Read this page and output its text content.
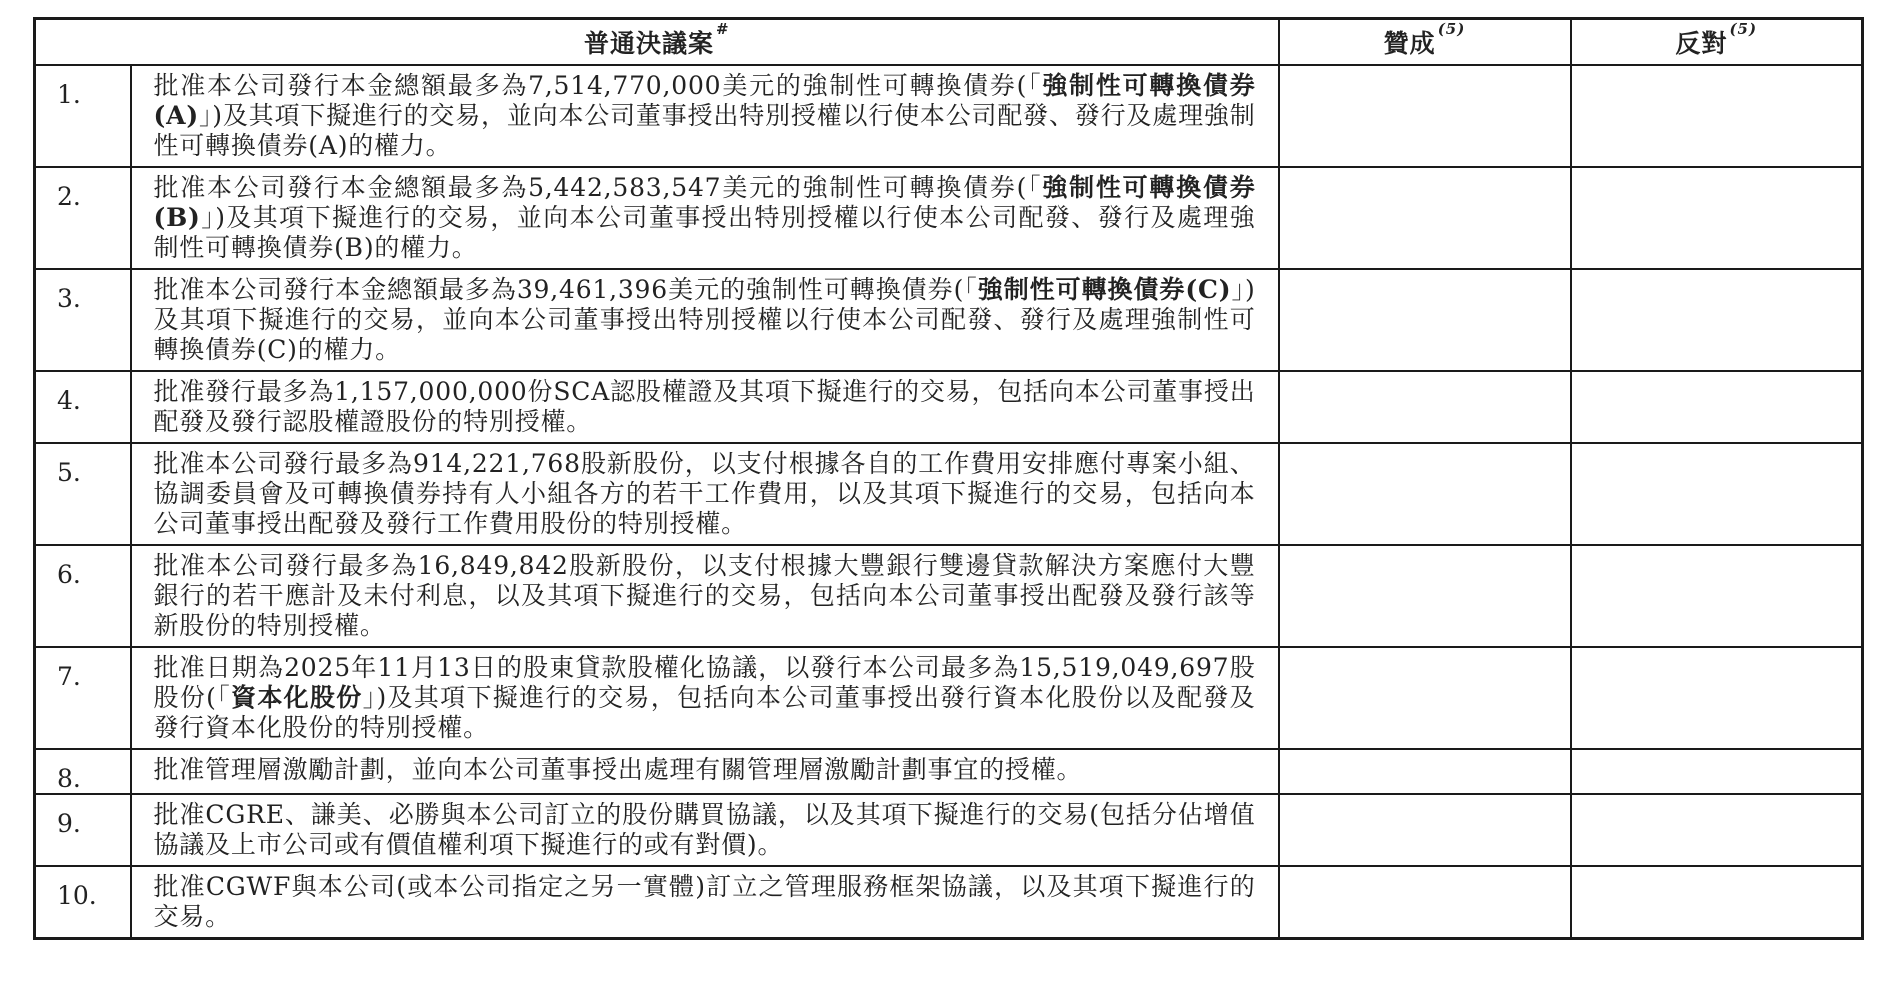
普通決議案 #		贊成 $^{(5)}$	反對 $^{(5)}$
1.	批准本公司發行本金總額最多為7,514,770,000美元的強制性可轉換債券(「強制性可轉換債券(A)」)及其項下擬進行的交易，並向本公司董事授出特別授權以行使本公司配發、發行及處理強制性可轉換債券(A)的權力。		
2.	批准本公司發行本金總額最多為5,442,583,547美元的強制性可轉換債券(「強制性可轉換債券(B)」)及其項下擬進行的交易，並向本公司董事授出特別授權以行使本公司配發、發行及處理強制性可轉換債券(B)的權力。		
3.	批准本公司發行本金總額最多為39,461,396美元的強制性可轉換債券(「強制性可轉換債券(C)」)及其項下擬進行的交易，並向本公司董事授出特別授權以行使本公司配發、發行及處理強制性可轉換債券(C)的權力。		
4.	批准發行最多為1,157,000,000份SCA認股權證及其項下擬進行的交易，包括向本公司董事授出配發及發行認股權證股份的特別授權。		
5.	批准本公司發行最多為914,221,768股新股份，以支付根據各自的工作費用安排應付專案小組、協調委員會及可轉換債券持有人小組各方的若干工作費用，以及其項下擬進行的交易，包括向本公司董事授出配發及發行工作費用股份的特別授權。		
6.	批准本公司發行最多為16,849,842股新股份，以支付根據大豐銀行雙邊貸款解決方案應付大豐銀行的若干應計及未付利息，以及其項下擬進行的交易，包括向本公司董事授出配發及發行該等新股份的特別授權。		
7.	批准日期為2025年11月13日的股東貸款股權化協議，以發行本公司最多為15,519,049,697股股份(「資本化股份」)及其項下擬進行的交易，包括向本公司董事授出發行資本化股份以及配發及發行資本化股份的特別授權。		
8.	批准管理層激勵計劃，並向本公司董事授出處理有關管理層激勵計劃事宜的授權。		
9.	批准CGRE、謙美、必勝與本公司訂立的股份購買協議，以及其項下擬進行的交易(包括分佔增值協議及上市公司或有價值權利項下擬進行的或有對價)。		
10.	批准CGWF與本公司(或本公司指定之另一實體)訂立之管理服務框架協議，以及其項下擬進行的交易。		
